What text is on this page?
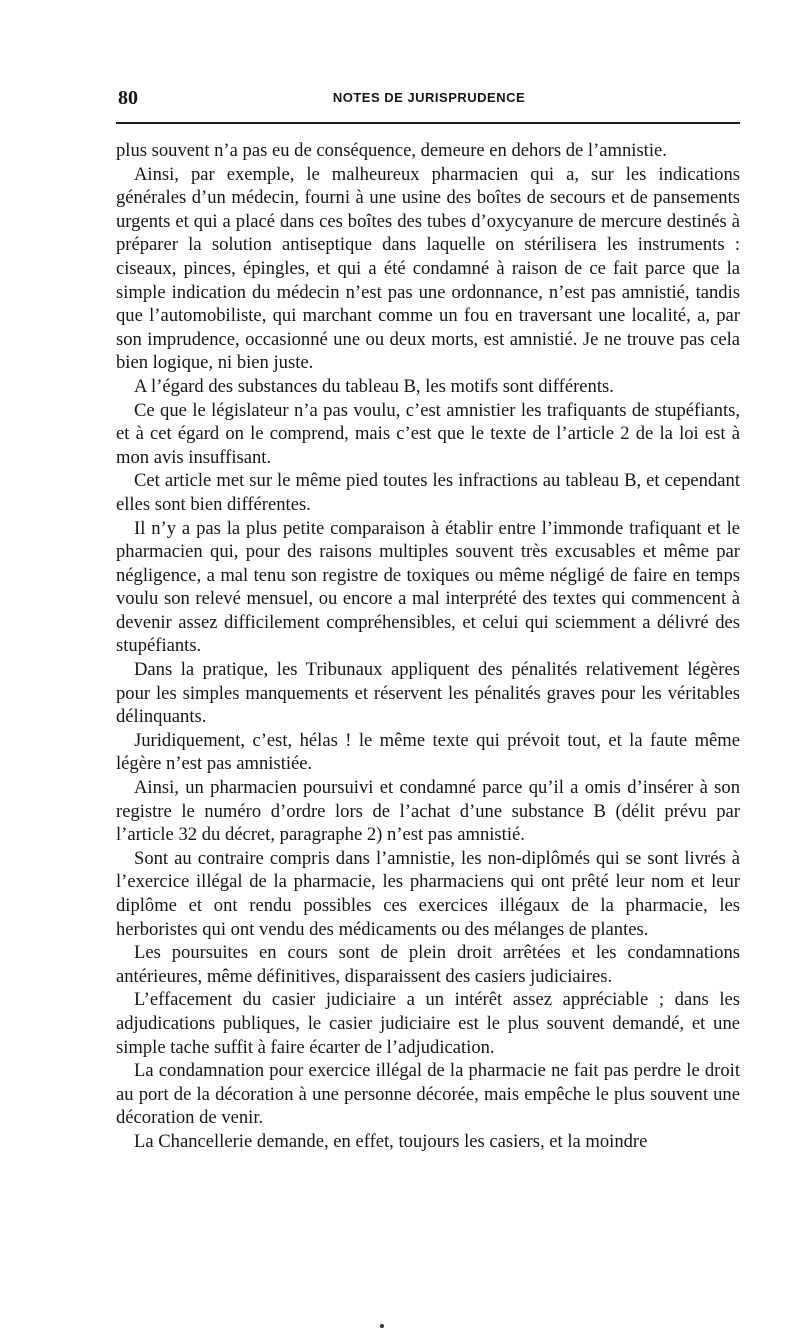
80	NOTES DE JURISPRUDENCE

plus souvent n’a pas eu de conséquence, demeure en dehors de l’amnistie.

Ainsi, par exemple, le malheureux pharmacien qui a, sur les indications générales d’un médecin, fourni à une usine des boîtes de secours et de pansements urgents et qui a placé dans ces boîtes des tubes d’oxycyanure de mercure destinés à préparer la solution antiseptique dans laquelle on stérilisera les instruments : ciseaux, pinces, épingles, et qui a été condamné à raison de ce fait parce que la simple indication du médecin n’est pas une ordonnance, n’est pas amnistié, tandis que l’automobiliste, qui marchant comme un fou en traversant une localité, a, par son imprudence, occasionné une ou deux morts, est amnistié. Je ne trouve pas cela bien logique, ni bien juste.

A l’égard des substances du tableau B, les motifs sont différents.

Ce que le législateur n’a pas voulu, c’est amnistier les trafiquants de stupéfiants, et à cet égard on le comprend, mais c’est que le texte de l’article 2 de la loi est à mon avis insuffisant.

Cet article met sur le même pied toutes les infractions au tableau B, et cependant elles sont bien différentes.

Il n’y a pas la plus petite comparaison à établir entre l’immonde trafiquant et le pharmacien qui, pour des raisons multiples souvent très excusables et même par négligence, a mal tenu son registre de toxiques ou même négligé de faire en temps voulu son relevé mensuel, ou encore a mal interprété des textes qui commencent à devenir assez difficilement compréhensibles, et celui qui sciemment a délivré des stupéfiants.

Dans la pratique, les Tribunaux appliquent des pénalités relativement légères pour les simples manquements et réservent les pénalités graves pour les véritables délinquants.

Juridiquement, c’est, hélas ! le même texte qui prévoit tout, et la faute même légère n’est pas amnistiée.

Ainsi, un pharmacien poursuivi et condamné parce qu’il a omis d’insérer à son registre le numéro d’ordre lors de l’achat d’une substance B (délit prévu par l’article 32 du décret, paragraphe 2) n’est pas amnistié.

Sont au contraire compris dans l’amnistie, les non-diplômés qui se sont livrés à l’exercice illégal de la pharmacie, les pharmaciens qui ont prêté leur nom et leur diplôme et ont rendu possibles ces exercices illégaux de la pharmacie, les herboristes qui ont vendu des médicaments ou des mélanges de plantes.

Les poursuites en cours sont de plein droit arrêtées et les condamnations antérieures, même définitives, disparaissent des casiers judiciaires.

L’effacement du casier judiciaire a un intérêt assez appréciable ; dans les adjudications publiques, le casier judiciaire est le plus souvent demandé, et une simple tache suffit à faire écarter de l’adjudication.

La condamnation pour exercice illégal de la pharmacie ne fait pas perdre le droit au port de la décoration à une personne décorée, mais empêche le plus souvent une décoration de venir.

La Chancellerie demande, en effet, toujours les casiers, et la moindre
